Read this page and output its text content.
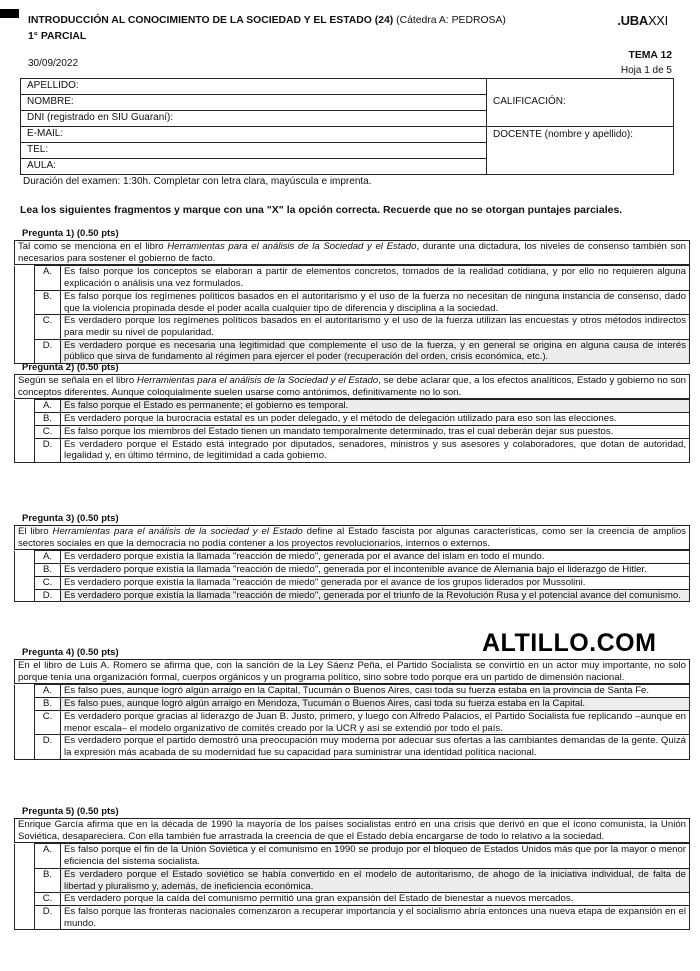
INTRODUCCIÓN AL CONOCIMIENTO DE LA SOCIEDAD Y EL ESTADO (24) (Cátedra A: PEDROSA)
1° PARCIAL
.UBAXXI
30/09/2022
TEMA 12
Hoja 1 de 5
APELLIDO:	CALIFICACIÓN:
NOMBRE:	
DNI (registrado en SIU Guaraní):	
E-MAIL:	DOCENTE (nombre y apellido):
TEL:	
AULA:	
Duración del examen: 1:30h. Completar con letra clara, mayúscula e imprenta.
Lea los siguientes fragmentos y marque con una "X" la opción correcta. Recuerde que no se otorgan puntajes parciales.
Pregunta 1) (0.50 pts)
Tal como se menciona en el libro Herramientas para el análisis de la Sociedad y el Estado, durante una dictadura, los niveles de consenso también son necesarios para sostener el gobierno de facto.
	A.	Es falso porque los conceptos se elaboran a partir de elementos concretos, tomados de la realidad cotidiana, y por ello no requieren alguna explicación o análisis una vez formulados.
	B.	Es falso porque los regímenes políticos basados en el autoritarismo y el uso de la fuerza no necesitan de ninguna instancia de consenso, dado que la violencia propinada desde el poder acalla cualquier tipo de diferencia y disciplina a la sociedad.
	C.	Es verdadero porque los regímenes políticos basados en el autoritarismo y el uso de la fuerza utilizan las encuestas y otros métodos indirectos para medir su nivel de popularidad.
	D.	Es verdadero porque es necesaria una legitimidad que complemente el uso de la fuerza, y en general se origina en alguna causa de interés público que sirva de fundamento al régimen para ejercer el poder (recuperación del orden, crisis económica, etc.).
Pregunta 2) (0.50 pts)
Según se señala en el libro Herramientas para el análisis de la Sociedad y el Estado, se debe aclarar que, a los efectos analíticos, Estado y gobierno no son conceptos diferentes. Aunque coloquialmente suelen usarse como antónimos, definitivamente no lo son.
	A.	Es falso porque el Estado es permanente; el gobierno es temporal.
	B.	Es verdadero porque la burocracia estatal es un poder delegado, y el método de delegación utilizado para eso son las elecciones.
	C.	Es falso porque los miembros del Estado tienen un mandato temporalmente determinado, tras el cual deberán dejar sus puestos.
	D.	Es verdadero porque el Estado está integrado por diputados, senadores, ministros y sus asesores y colaboradores, que dotan de autoridad, legalidad y, en último término, de legitimidad a cada gobierno.
Pregunta 3) (0.50 pts)
El libro Herramientas para el análisis de la sociedad y el Estado define al Estado fascista por algunas características, como ser la creencia de amplios sectores sociales en que la democracia no podía contener a los proyectos revolucionarios, internos o externos.
	A.	Es verdadero porque existía la llamada "reacción de miedo", generada por el avance del islam en todo el mundo.
	B.	Es verdadero porque existía la llamada "reacción de miedo", generada por el incontenible avance de Alemania bajo el liderazgo de Hitler.
	C.	Es verdadero porque existía la llamada "reacción de miedo" generada por el avance de los grupos liderados por Mussolini.
	D.	Es verdadero porque existía la llamada "reacción de miedo", generada por el triunfo de la Revolución Rusa y el potencial avance del comunismo.
Pregunta 4) (0.50 pts)
En el libro de Luis A. Romero se afirma que, con la sanción de la Ley Sáenz Peña, el Partido Socialista se convirtió en un actor muy importante, no solo porque tenía una organización formal, cuerpos orgánicos y un programa político, sino sobre todo porque era un partido de dimensión nacional.
	A.	Es falso pues, aunque logró algún arraigo en la Capital, Tucumán o Buenos Aires, casi toda su fuerza estaba en la provincia de Santa Fe.
	B.	Es falso pues, aunque logró algún arraigo en Mendoza, Tucumán o Buenos Aires, casi toda su fuerza estaba en la Capital.
	C.	Es verdadero porque gracias al liderazgo de Juan B. Justo, primero, y luego con Alfredo Palacios, el Partido Socialista fue replicando –aunque en menor escala– el modelo organizativo de comités creado por la UCR y así se extendió por todo el país.
	D.	Es verdadero porque el partido demostró una preocupación muy moderna por adecuar sus ofertas a las cambiantes demandas de la gente. Quizá la expresión más acabada de su modernidad fue su capacidad para suministrar una identidad política nacional.
Pregunta 5) (0.50 pts)
Enrique García afirma que en la década de 1990 la mayoría de los países socialistas entró en una crisis que derivó en que el ícono comunista, la Unión Soviética, desapareciera. Con ella también fue arrastrada la creencia de que el Estado debía encargarse de todo lo relativo a la sociedad.
	A.	Es falso porque el fin de la Unión Soviética y el comunismo en 1990 se produjo por el bloqueo de Estados Unidos más que por la mayor o menor eficiencia del sistema socialista.
	B.	Es verdadero porque el Estado soviético se había convertido en el modelo de autoritarismo, de ahogo de la iniciativa individual, de falta de libertad y pluralismo y, además, de ineficiencia económica.
	C.	Es verdadero porque la caída del comunismo permitió una gran expansión del Estado de bienestar a nuevos mercados.
	D.	Es falso porque las fronteras nacionales comenzaron a recuperar importancia y el socialismo abría entonces una nueva etapa de expansión en el mundo.
ALTILLO.COM
